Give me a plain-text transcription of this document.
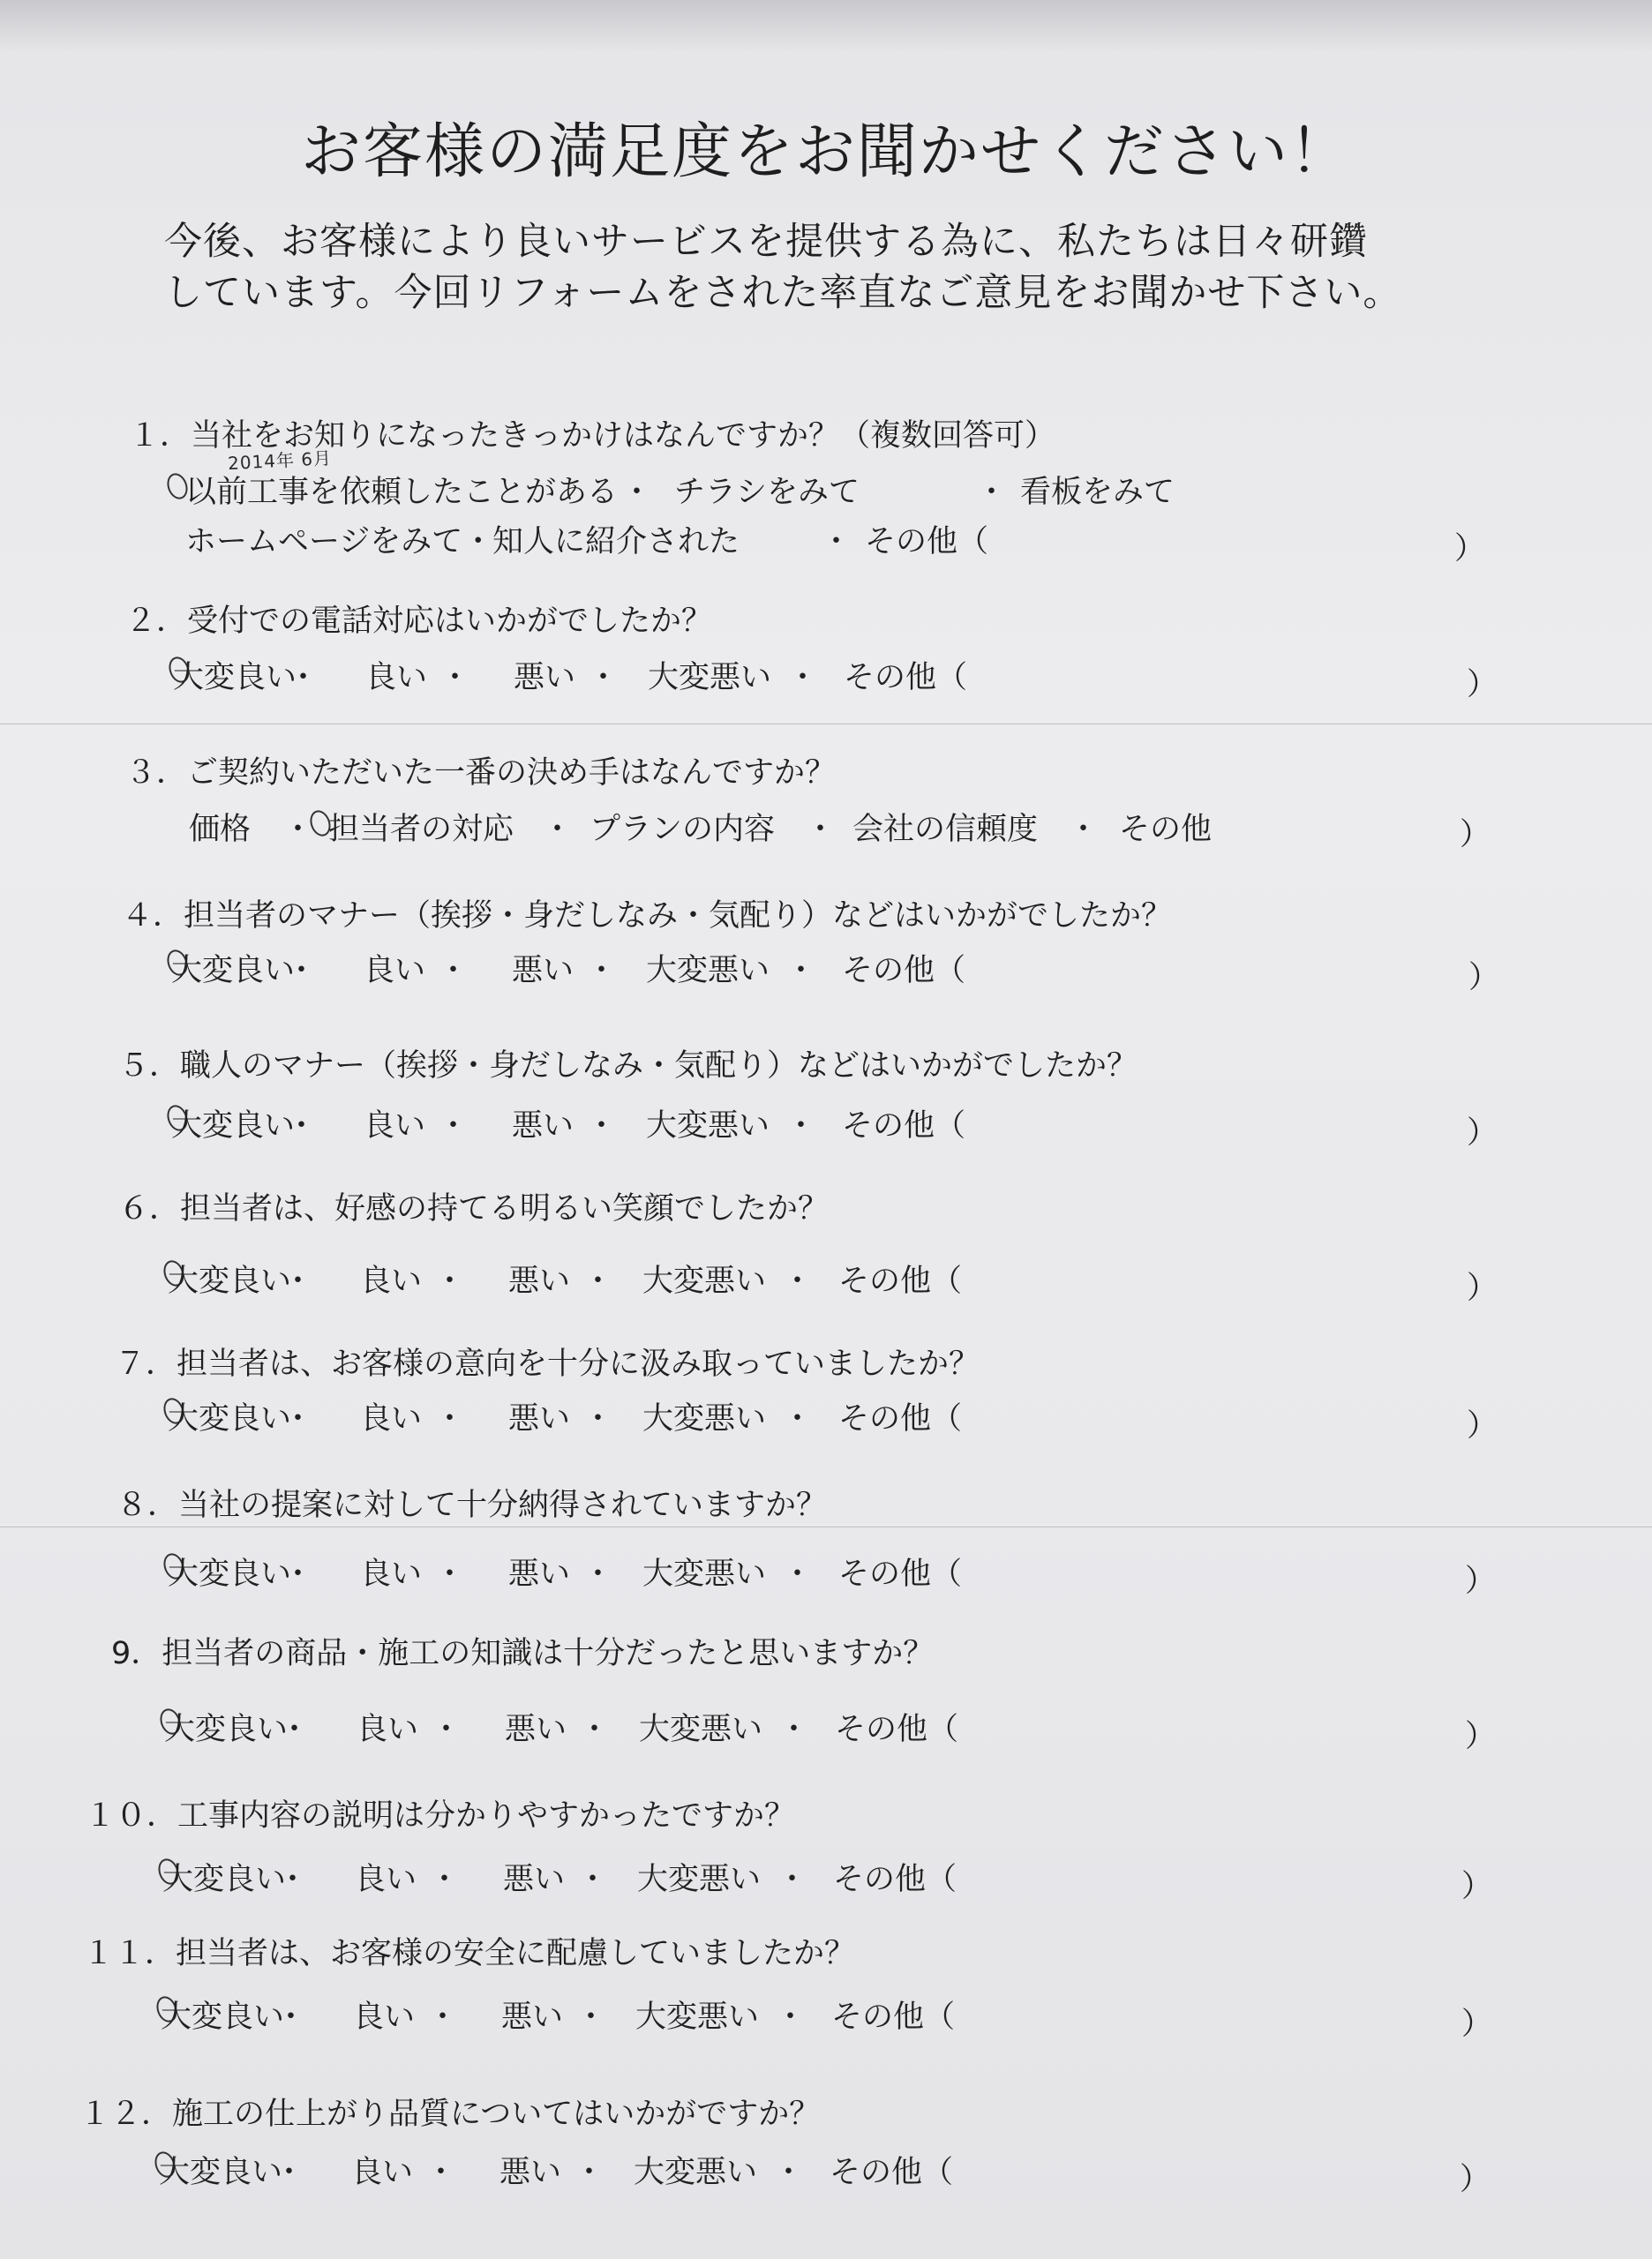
お客様の満足度をお聞かせください！
今後、お客様により良いサービスを提供する為に、私たちは日々研鑽
しています。今回リフォームをされた率直なご意見をお聞かせ下さい。
１．当社をお知りになったきっかけはなんですか？（複数回答可）
2014年 6月
以前工事を依頼したことがある ・ チラシをみて	・ 看板をみて
ホームページをみて・
知人に紹介された	・ その他（	）
２．受付での電話対応はいかがでしたか？
３．ご契約いただいた一番の決め手はなんですか？
価格 ・ 担当者の対応 ・ プランの内容 ・ 会社の信頼度 ・ その他	）
４．担当者のマナー（挨拶・身だしなみ・気配り）などはいかがでしたか？
５．職人のマナー（挨拶・身だしなみ・気配り）などはいかがでしたか？
６．担当者は、好感の持てる明るい笑顔でしたか？
７．担当者は、お客様の意向を十分に汲み取っていましたか？
８．当社の提案に対して十分納得されていますか？
9．担当者の商品・施工の知識は十分だったと思いますか？
１０．工事内容の説明は分かりやすかったですか？
１１．担当者は、お客様の安全に配慮していましたか？
１２．施工の仕上がり品質についてはいかがですか？
大変良い
・ 良い ・ 悪い ・ 大変悪い ・ その他（	）
大変良い
・ 良い ・ 悪い ・ 大変悪い ・ その他（	）
大変良い
・ 良い ・ 悪い ・ 大変悪い ・ その他（	）
大変良い
・ 良い ・ 悪い ・ 大変悪い ・ その他（	）
大変良い
・ 良い ・ 悪い ・ 大変悪い ・ その他（	）
大変良い
・ 良い ・ 悪い ・ 大変悪い ・ その他（	）
大変良い
・ 良い ・ 悪い ・ 大変悪い ・ その他（	）
大変良い
・ 良い ・ 悪い ・ 大変悪い ・ その他（	）
大変良い
・ 良い ・ 悪い ・ 大変悪い ・ その他（	）
大変良い
・ 良い ・ 悪い ・ 大変悪い ・ その他（	）
